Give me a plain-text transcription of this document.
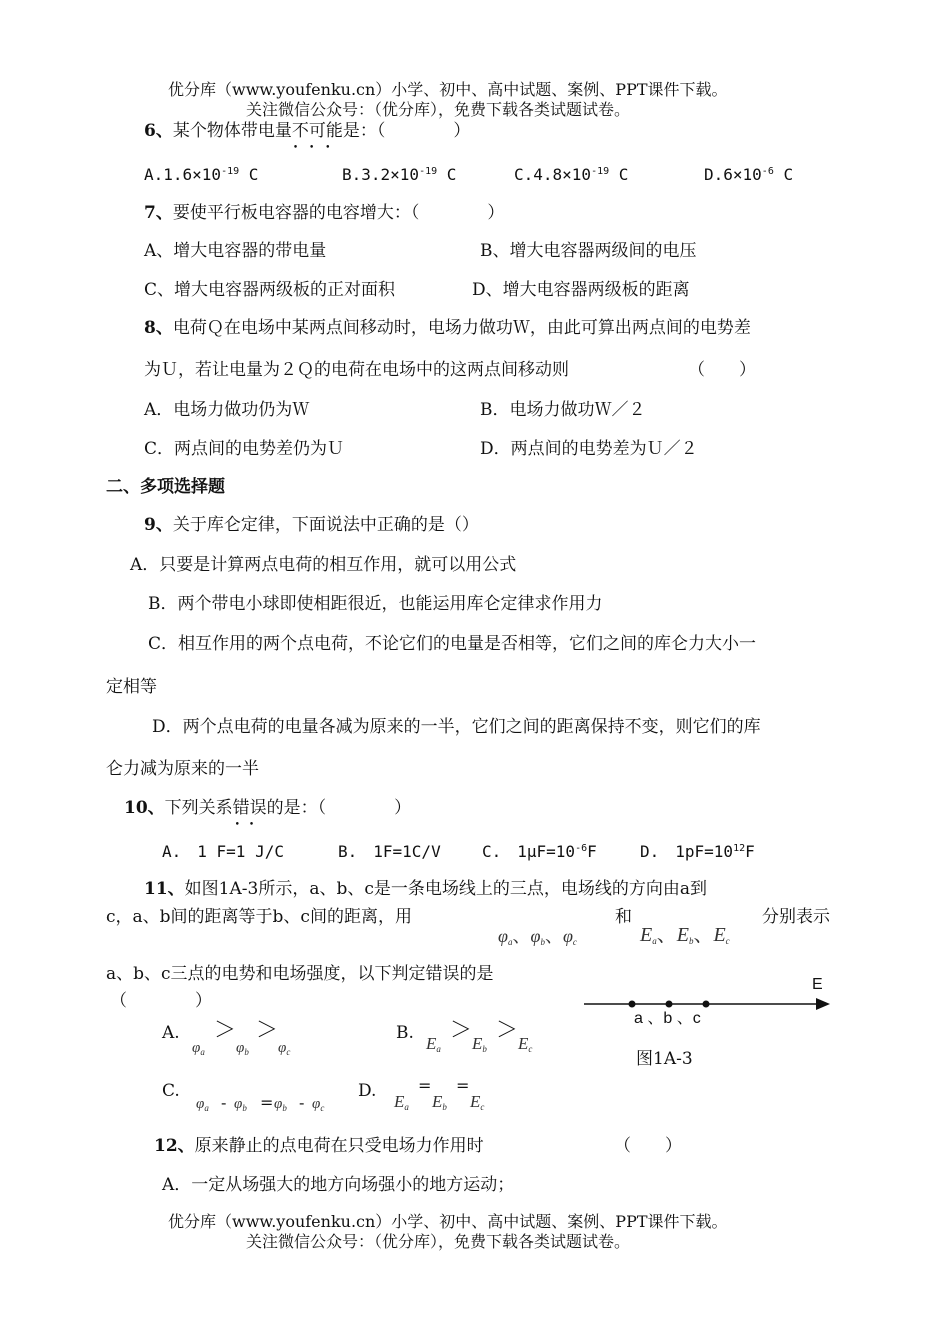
优分库（www.youfenku.cn）小学、初中、高中试题、案例、PPT课件下载。
关注微信公众号：（优分库），免费下载各类试题试卷。
6、某个物体带电量不可能 • • •是：（　　　　）
$A.1.6\times 10^{-19}$ C	$B.3.2\times 10^{-19}$ C	$C.4.8\times 10^{-19}$ C	$D.6\times 10^{-6}$ C
7、要使平行板电容器的电容增大：（　　　　）
A、增大电容器的带电量	B、增大电容器两级间的电压
C、增大电容器两级板的正对面积	D、增大电容器两级板的距离
8、电荷Ｑ在电场中某两点间移动时，电场力做功Ｗ，由此可算出两点间的电势差
为Ｕ，若让电量为２Ｑ的电荷在电场中的这两点间移动则	（　　）
A．电场力做功仍为Ｗ	B．电场力做功Ｗ／２
C．两点间的电势差仍为Ｕ	D．两点间的电势差为Ｕ／２
二、多项选择题
9、关于库仑定律，下面说法中正确的是（）
A．只要是计算两点电荷的相互作用，就可以用公式
B．两个带电小球即使相距很近，也能运用库仑定律求作用力
C．相互作用的两个点电荷，不论它们的电量是否相等，它们之间的库仑力大小一
定相等
D．两个点电荷的电量各减为原来的一半，它们之间的距离保持不变，则它们的库
仑力减为原来的一半
10、下列关系错误 • •的是：（　　　　）
A.　1 F=1 J/C	B.　1F=1C/V	C.　$1\mu F=10^{-6}F$	D.　$1pF=10^{12}F$
11、如图1A-3所示，a、b、c是一条电场线上的三点，电场线的方向由a到
c，a、b间的距离等于b、c间的距离，用
$\varphi_a$、$\varphi_b$、$\varphi_c$
和
$E_a$、$E_b$、$E_c$
分别表示
a、b、c三点的电势和电场强度，以下判定错误的是
（　　　　）
A.
$\varphi_a$
＞
$\varphi_b$
＞
$\varphi_c$
B.
$E_a$
＞
$E_b$
＞
$E_c$
C.
$\varphi_a - \varphi_b = \varphi_b - \varphi_c$
D.
$E_a$
=
$E_b$
=
$E_c$
E
a 、b 、c
图1A-3
12、原来静止的点电荷在只受电场力作用时	（　　）
A．一定从场强大的地方向场强小的地方运动；
优分库（www.youfenku.cn）小学、初中、高中试题、案例、PPT课件下载。
关注微信公众号：（优分库），免费下载各类试题试卷。
